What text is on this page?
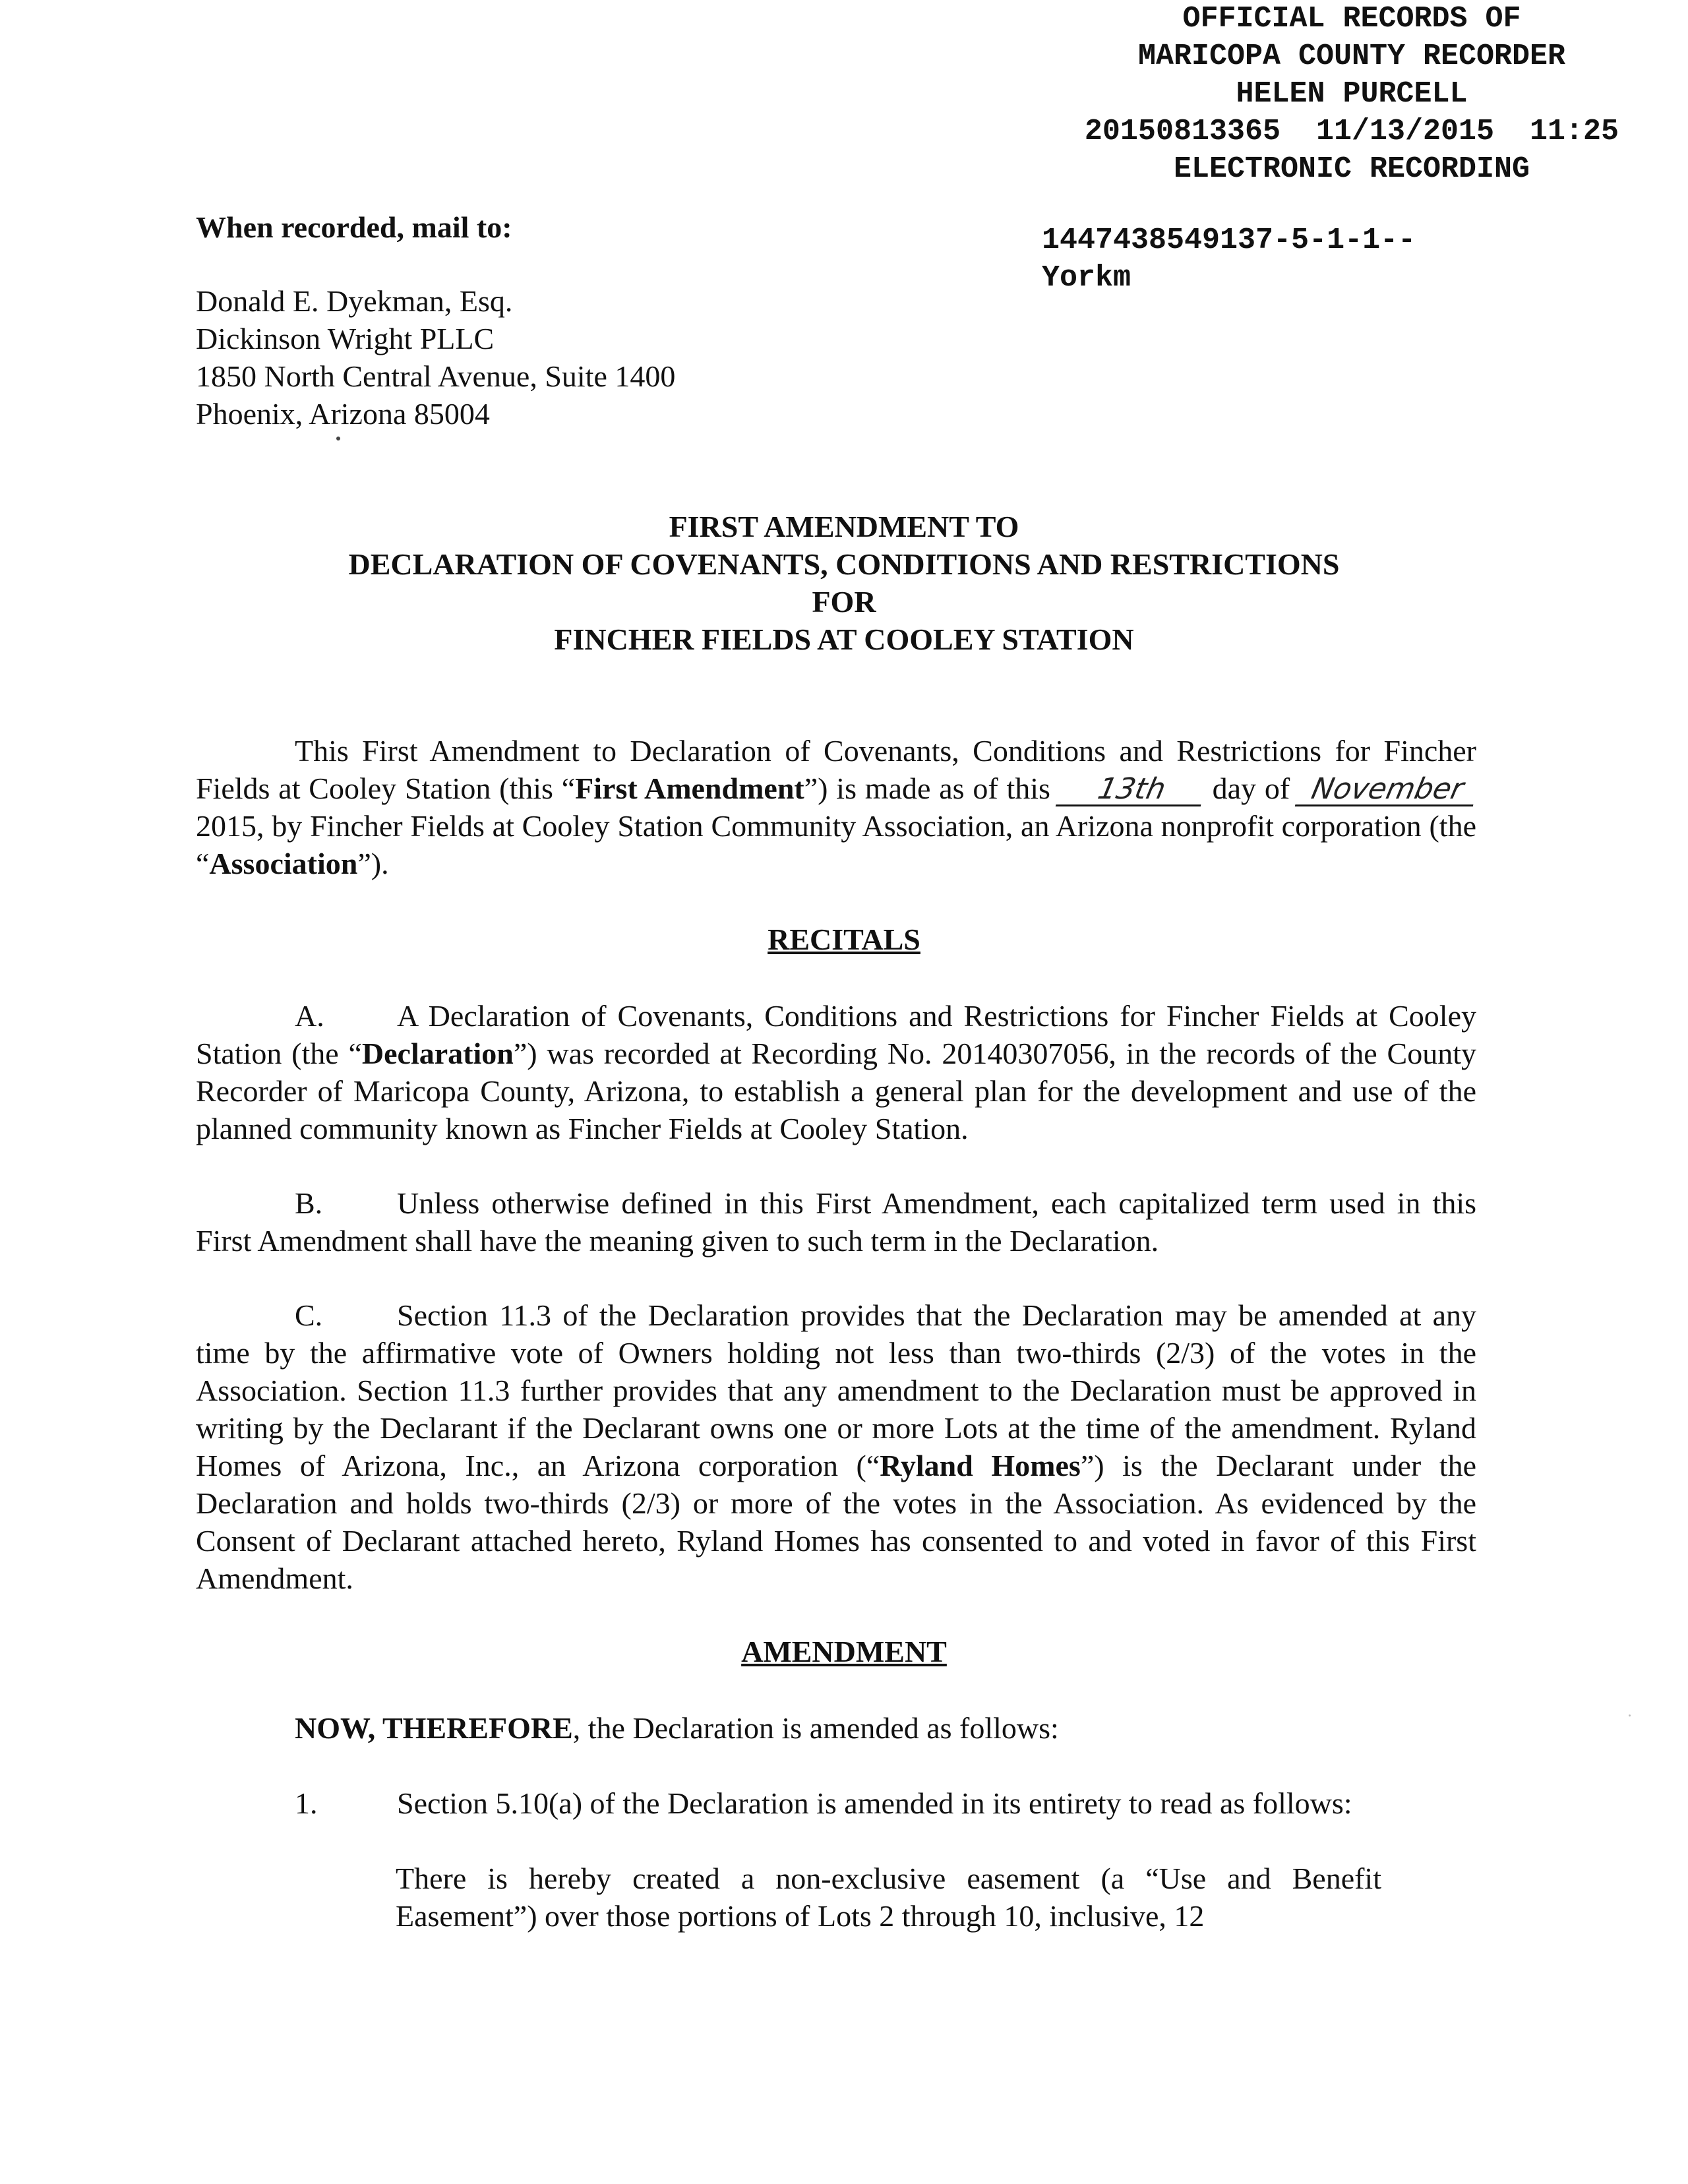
OFFICIAL RECORDS OF
MARICOPA COUNTY RECORDER
HELEN PURCELL
20150813365  11/13/2015  11:25
ELECTRONIC RECORDING
1447438549137-5-1-1--
Yorkm
When recorded, mail to:
Donald E. Dyekman, Esq.
Dickinson Wright PLLC
1850 North Central Avenue, Suite 1400
Phoenix, Arizona 85004
FIRST AMENDMENT TO
DECLARATION OF COVENANTS, CONDITIONS AND RESTRICTIONS
FOR
FINCHER FIELDS AT COOLEY STATION
This First Amendment to Declaration of Covenants, Conditions and Restrictions for Fincher Fields at Cooley Station (this “First Amendment”) is made as of this 13th day of November 2015, by Fincher Fields at Cooley Station Community Association, an Arizona nonprofit corporation (the “Association”).
RECITALS
A. A Declaration of Covenants, Conditions and Restrictions for Fincher Fields at Cooley Station (the “Declaration”) was recorded at Recording No. 20140307056, in the records of the County Recorder of Maricopa County, Arizona, to establish a general plan for the development and use of the planned community known as Fincher Fields at Cooley Station.
B. Unless otherwise defined in this First Amendment, each capitalized term used in this First Amendment shall have the meaning given to such term in the Declaration.
C. Section 11.3 of the Declaration provides that the Declaration may be amended at any time by the affirmative vote of Owners holding not less than two-thirds (2/3) of the votes in the Association. Section 11.3 further provides that any amendment to the Declaration must be approved in writing by the Declarant if the Declarant owns one or more Lots at the time of the amendment. Ryland Homes of Arizona, Inc., an Arizona corporation (“Ryland Homes”) is the Declarant under the Declaration and holds two-thirds (2/3) or more of the votes in the Association. As evidenced by the Consent of Declarant attached hereto, Ryland Homes has consented to and voted in favor of this First Amendment.
AMENDMENT
NOW, THEREFORE, the Declaration is amended as follows:
1.	Section 5.10(a) of the Declaration is amended in its entirety to read as follows:
There is hereby created a non-exclusive easement (a “Use and Benefit Easement”) over those portions of Lots 2 through 10, inclusive, 12
